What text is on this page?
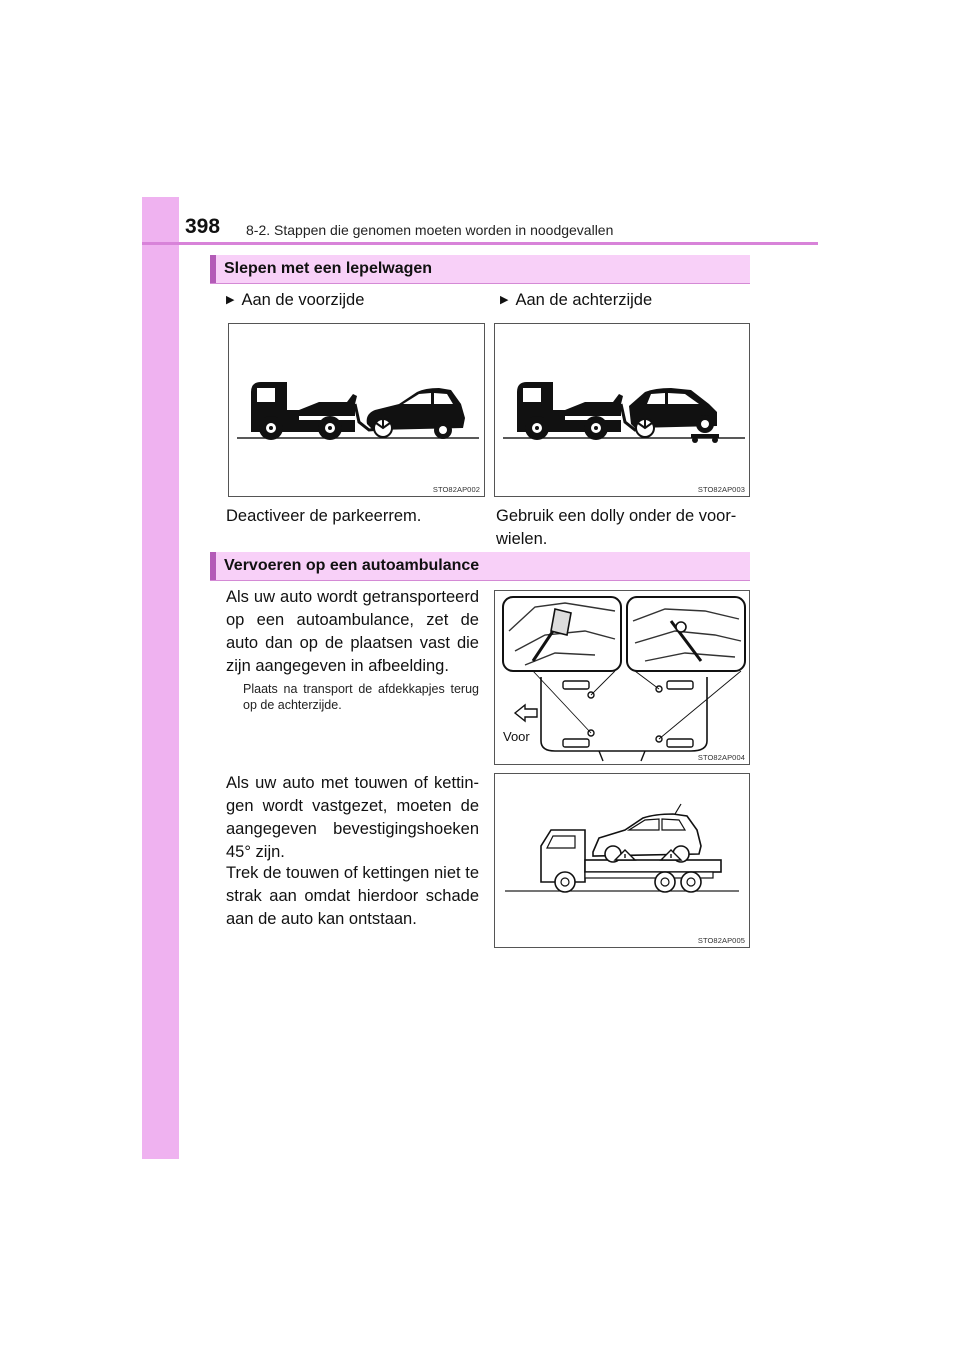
398 8-2. Stappen die genomen moeten worden in noodgevallen
Slepen met een lepelwagen
▶ Aan de voorzijde	▶ Aan de achterzijde
STO82AP002	STO82AP003
Deactiveer de parkeerrem.	Gebruik een dolly onder de voor- wielen.
Vervoeren op een autoambulance
Als uw auto wordt getransporteerd op een autoambulance, zet de auto dan op de plaatsen vast die zijn aangegeven in afbeelding.
Plaats na transport de afdekkapjes terug op de achterzijde.
Voor
STO82AP004
Als uw auto met touwen of kettin- gen wordt vastgezet, moeten de aangegeven bevestigingshoeken 45° zijn.
Trek de touwen of kettingen niet te strak aan omdat hierdoor schade aan de auto kan ontstaan.
STO82AP005
